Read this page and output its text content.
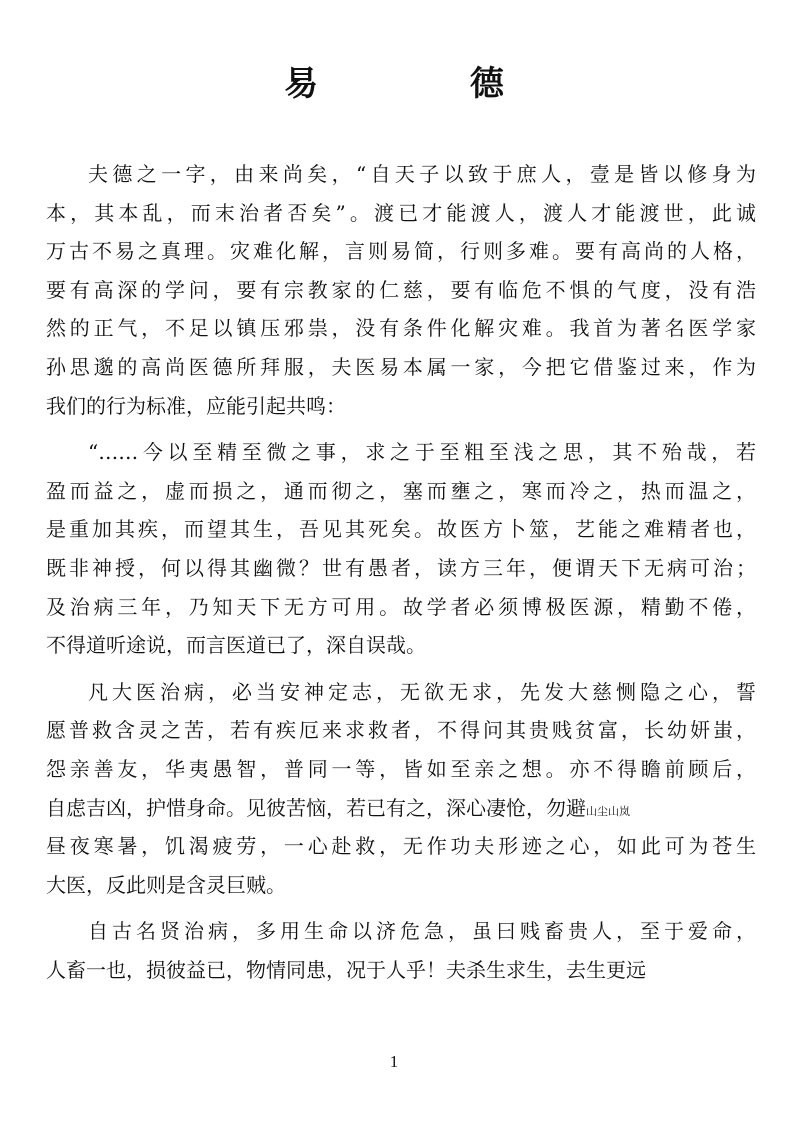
易 德
夫德之一字，由来尚矣，“自天子以致于庶人，壹是皆以修身为
本，其本乱，而末治者否矣”。渡已才能渡人，渡人才能渡世，此诚
万古不易之真理。灾难化解，言则易简，行则多难。要有高尚的人格，
要有高深的学问，要有宗教家的仁慈，要有临危不惧的气度，没有浩
然的正气，不足以镇压邪祟，没有条件化解灾难。我首为著名医学家
孙思邈的高尚医德所拜服，夫医易本属一家，今把它借鉴过来，作为
我们的行为标准，应能引起共鸣：
“……今以至精至微之事，求之于至粗至浅之思，其不殆哉，若
盈而益之，虚而损之，通而彻之，塞而壅之，寒而冷之，热而温之，
是重加其疾，而望其生，吾见其死矣。故医方卜筮，艺能之难精者也，
既非神授，何以得其幽微？世有愚者，读方三年，便谓天下无病可治；
及治病三年，乃知天下无方可用。故学者必须博极医源，精勤不倦，
不得道听途说，而言医道已了，深自误哉。
凡大医治病，必当安神定志，无欲无求，先发大慈恻隐之心，誓
愿普救含灵之苦，若有疾厄来求救者，不得问其贵贱贫富，长幼妍蚩，
怨亲善友，华夷愚智，普同一等，皆如至亲之想。亦不得瞻前顾后，
自虑吉凶，护惜身命。见彼苦恼，若已有之，深心凄怆，勿避山尘山岚
昼夜寒暑，饥渴疲劳，一心赴救，无作功夫形迹之心，如此可为苍生
大医，反此则是含灵巨贼。
自古名贤治病，多用生命以济危急，虽曰贱畜贵人，至于爱命，
人畜一也，损彼益已，物情同患，况于人乎！夫杀生求生，去生更远
1
